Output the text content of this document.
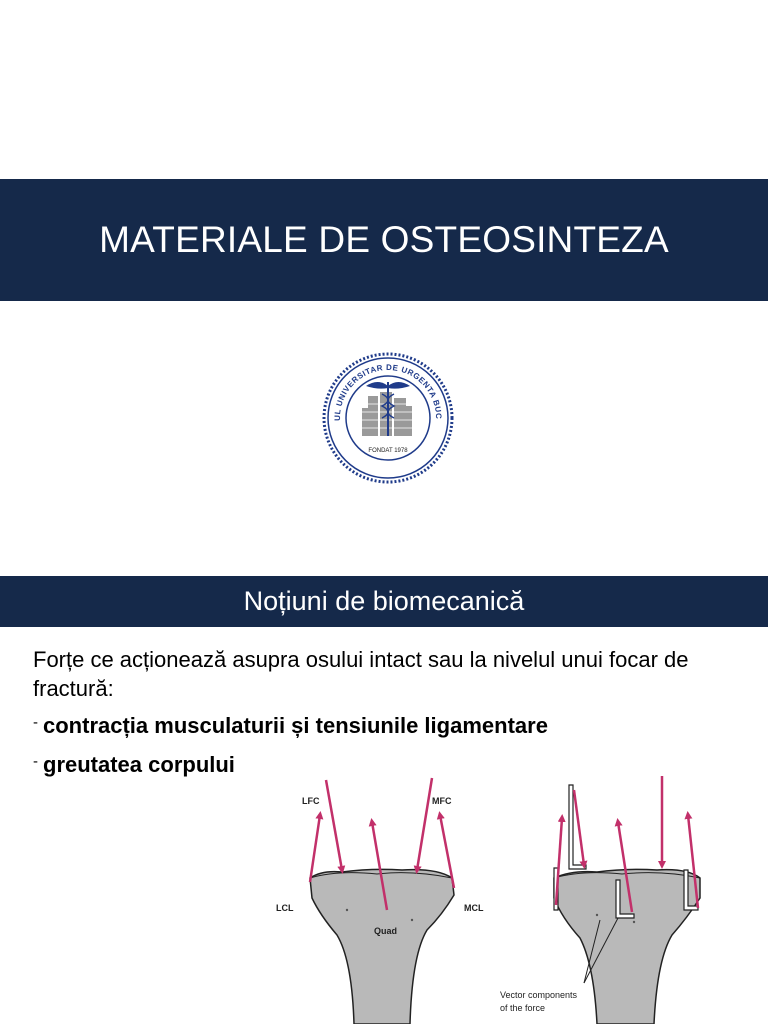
MATERIALE DE OSTEOSINTEZA
UL UNIVERSITAR DE URGENTA BUC
FONDAT 1978
Noțiuni de biomecanică

Forțe ce acționează asupra osului intact sau la nivelul unui focar de fractură:

- contracția musculaturii și tensiunile ligamentare

- greutatea corpului

LFC	MFC
LCL	MCL
Quad
Vector components
of the force
